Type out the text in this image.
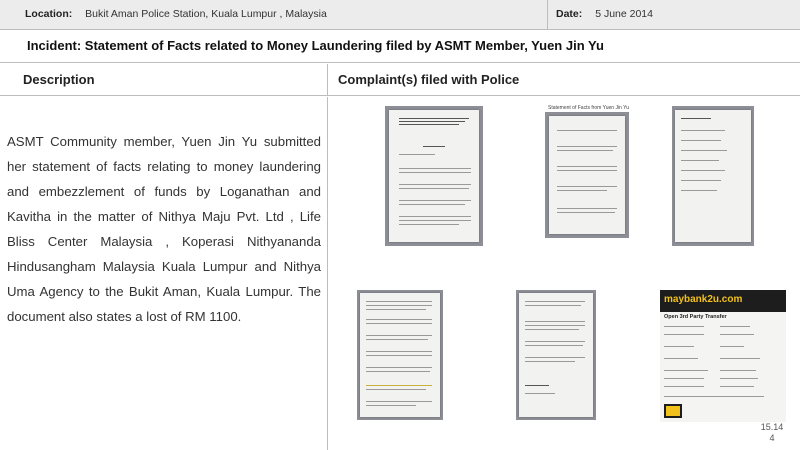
Location: Bukit Aman Police Station, Kuala Lumpur , Malaysia	Date: 5 June 2014
Incident: Statement of Facts related to Money Laundering filed by ASMT Member, Yuen Jin Yu
Description	Complaint(s) filed with Police
ASMT Community member, Yuen Jin Yu submitted her statement of facts relating to money laundering and embezzlement of funds by Loganathan and Kavitha in the matter of Nithya Maju Pvt. Ltd , Life Bliss Center Malaysia , Koperasi Nithyananda Hindusangham Malaysia Kuala Lumpur and Nithya Uma Agency to the Bukit Aman, Kuala Lumpur. The document also states a lost of RM 1100.
Statement of Facts from Yuen Jin Yu
maybank2u.com
Open 3rd Party Transfer
15.14
4
